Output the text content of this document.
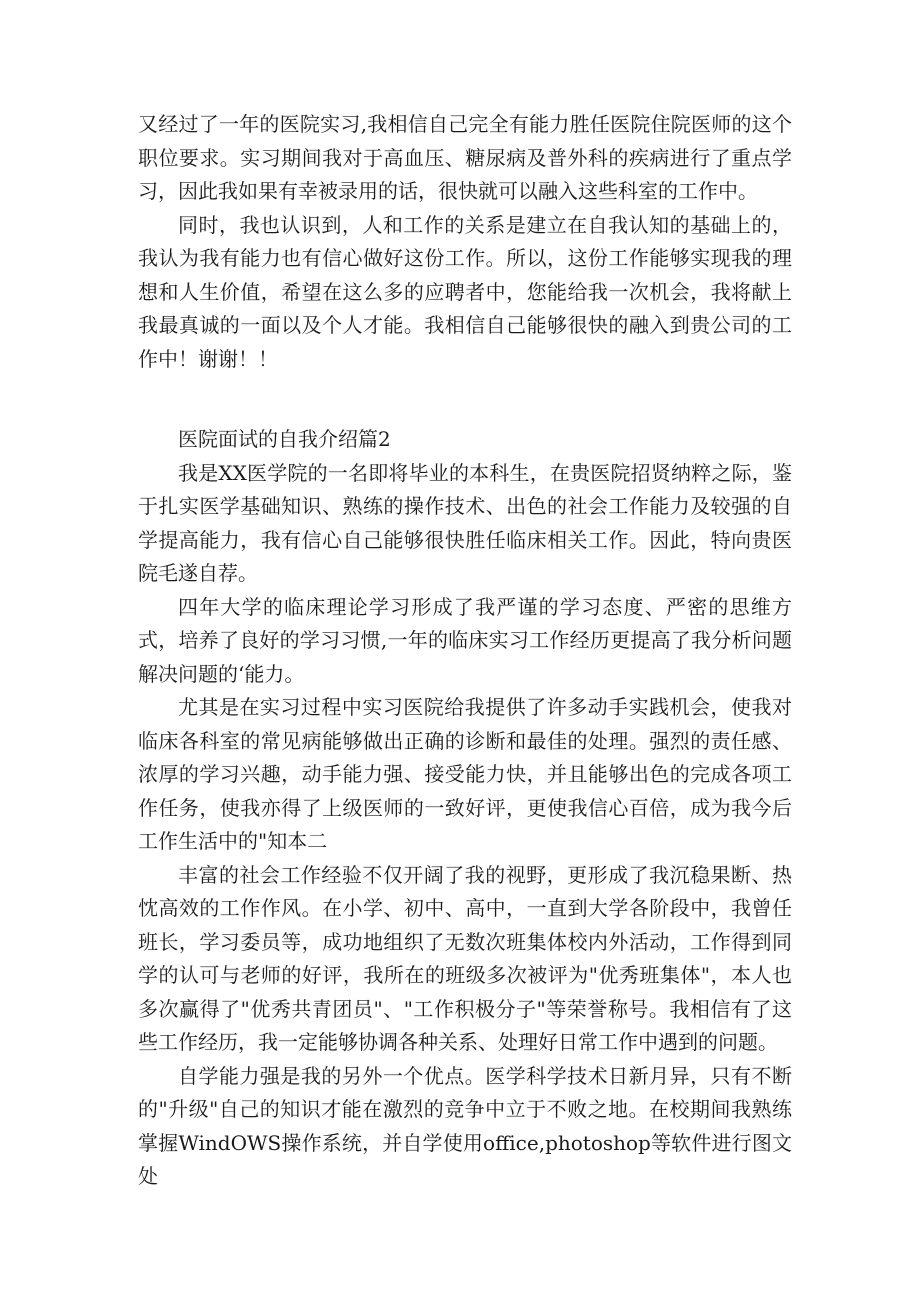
又经过了一年的医院实习,我相信自己完全有能力胜任医院住院医师的这个职位要求。实习期间我对于高血压、糖尿病及普外科的疾病进行了重点学习，因此我如果有幸被录用的话，很快就可以融入这些科室的工作中。

同时，我也认识到，人和工作的关系是建立在自我认知的基础上的，我认为我有能力也有信心做好这份工作。所以，这份工作能够实现我的理想和人生价值，希望在这么多的应聘者中，您能给我一次机会，我将献上我最真诚的一面以及个人才能。我相信自己能够很快的融入到贵公司的工作中！谢谢！！

医院面试的自我介绍篇2

我是XX医学院的一名即将毕业的本科生，在贵医院招贤纳粹之际，鉴于扎实医学基础知识、熟练的操作技术、出色的社会工作能力及较强的自学提高能力，我有信心自己能够很快胜任临床相关工作。因此，特向贵医院毛遂自荐。

四年大学的临床理论学习形成了我严谨的学习态度、严密的思维方式，培养了良好的学习习惯,一年的临床实习工作经历更提高了我分析问题解决问题的‘能力。

尤其是在实习过程中实习医院给我提供了许多动手实践机会，使我对临床各科室的常见病能够做出正确的诊断和最佳的处理。强烈的责任感、浓厚的学习兴趣，动手能力强、接受能力快，并且能够出色的完成各项工作任务，使我亦得了上级医师的一致好评，更使我信心百倍，成为我今后工作生活中的"知本二

丰富的社会工作经验不仅开阔了我的视野，更形成了我沉稳果断、热忱高效的工作作风。在小学、初中、高中，一直到大学各阶段中，我曾任班长，学习委员等，成功地组织了无数次班集体校内外活动，工作得到同学的认可与老师的好评，我所在的班级多次被评为"优秀班集体"，本人也多次赢得了"优秀共青团员"、"工作积极分子"等荣誉称号。我相信有了这些工作经历，我一定能够协调各种关系、处理好日常工作中遇到的问题。

自学能力强是我的另外一个优点。医学科学技术日新月异，只有不断的"升级"自己的知识才能在激烈的竞争中立于不败之地。在校期间我熟练掌握WindOWS操作系统，并自学使用office,photoshop等软件进行图文处
